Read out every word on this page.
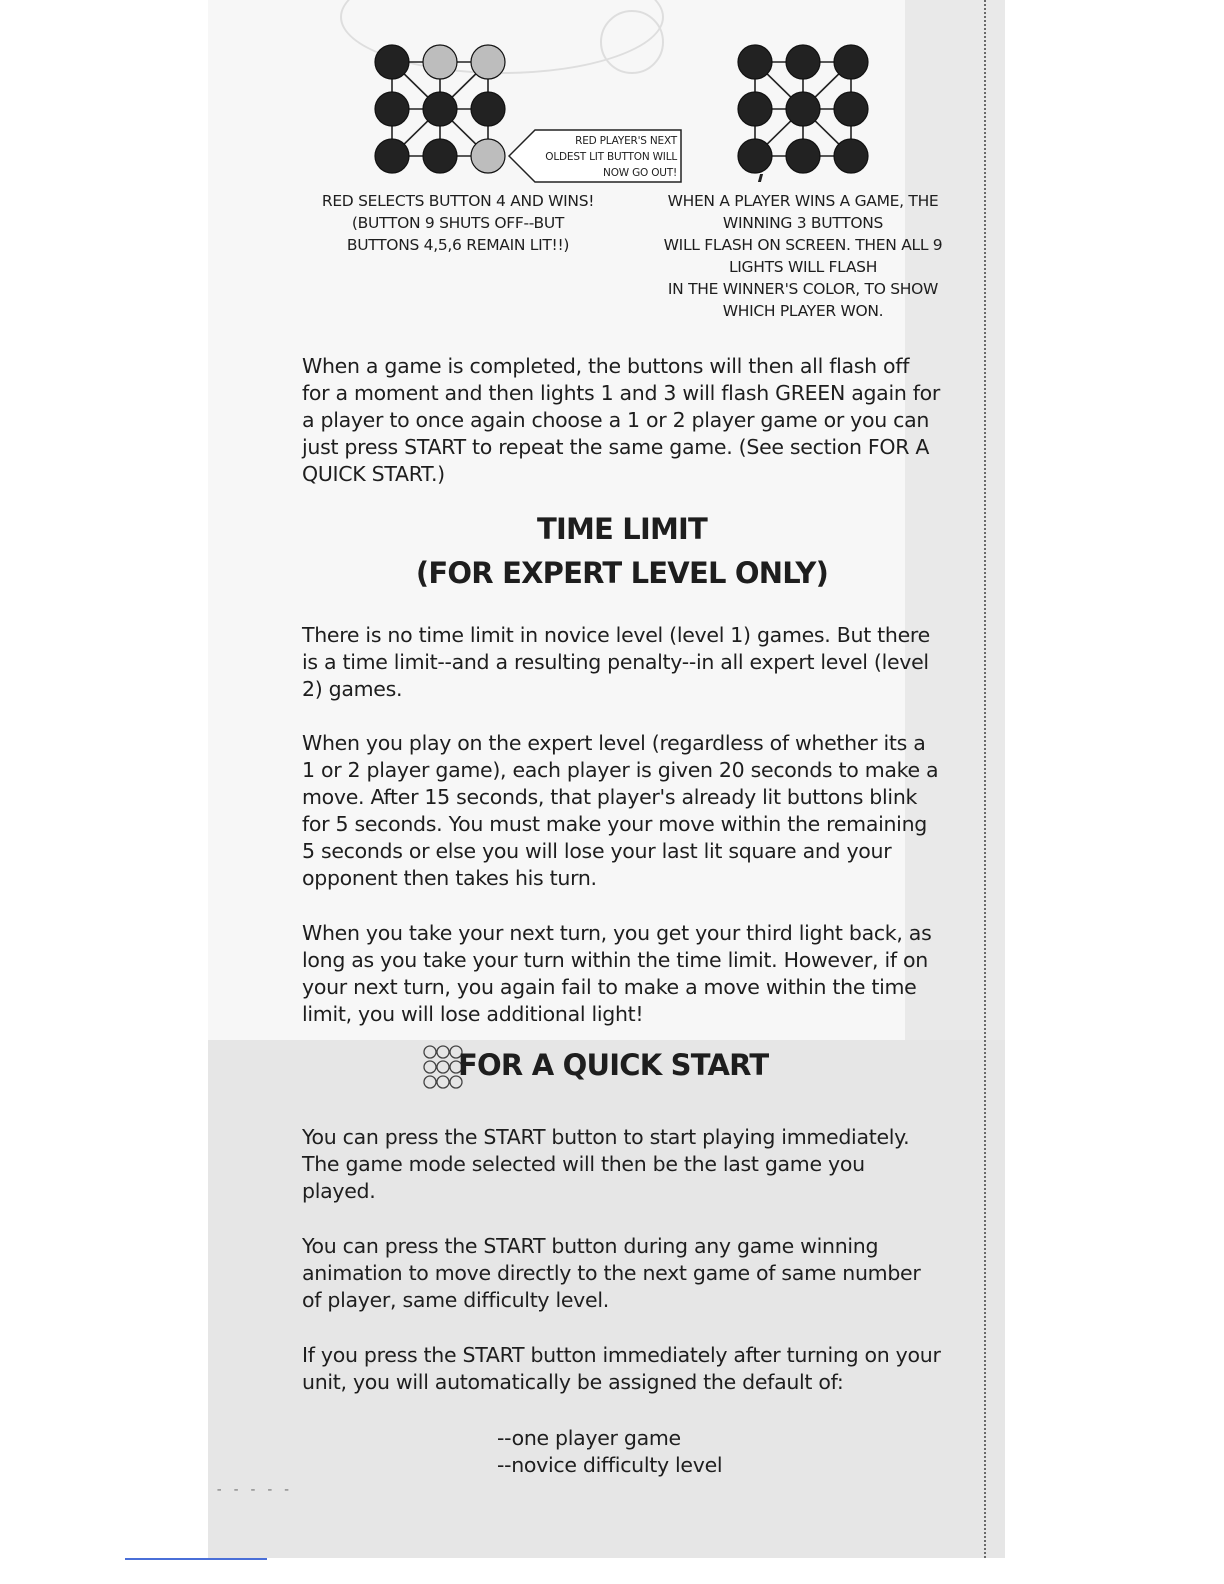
RED PLAYER'S NEXT
OLDEST LIT BUTTON WILL
NOW GO OUT!
RED SELECTS BUTTON 4 AND WINS!
(BUTTON 9 SHUTS OFF--BUT
BUTTONS 4,5,6 REMAIN LIT!!)
WHEN A PLAYER WINS A GAME, THE
WINNING 3 BUTTONS
WILL FLASH ON SCREEN. THEN ALL 9
LIGHTS WILL FLASH
IN THE WINNER'S COLOR, TO SHOW
WHICH PLAYER WON.
When a game is completed, the buttons will then all flash off for a moment and then lights 1 and 3 will flash GREEN again for a player to once again choose a 1 or 2 player game or you can just press START to repeat the same game. (See section FOR A QUICK START.)
TIME LIMIT
(FOR EXPERT LEVEL ONLY)
There is no time limit in novice level (level 1) games. But there is a time limit--and a resulting penalty--in all expert level (level 2) games.
When you play on the expert level (regardless of whether its a 1 or 2 player game), each player is given 20 seconds to make a move. After 15 seconds, that player's already lit buttons blink for 5 seconds. You must make your move within the remaining 5 seconds or else you will lose your last lit square and your opponent then takes his turn.
When you take your next turn, you get your third light back, as long as you take your turn within the time limit. However, if on your next turn, you again fail to make a move within the time limit, you will lose additional light!
FOR A QUICK START
You can press the START button to start playing immediately. The game mode selected will then be the last game you played.
You can press the START button during any game winning animation to move directly to the next game of same number of player, same difficulty level.
If you press the START button immediately after turning on your unit, you will automatically be assigned the default of:
--one player game
--novice difficulty level
- - - - -
